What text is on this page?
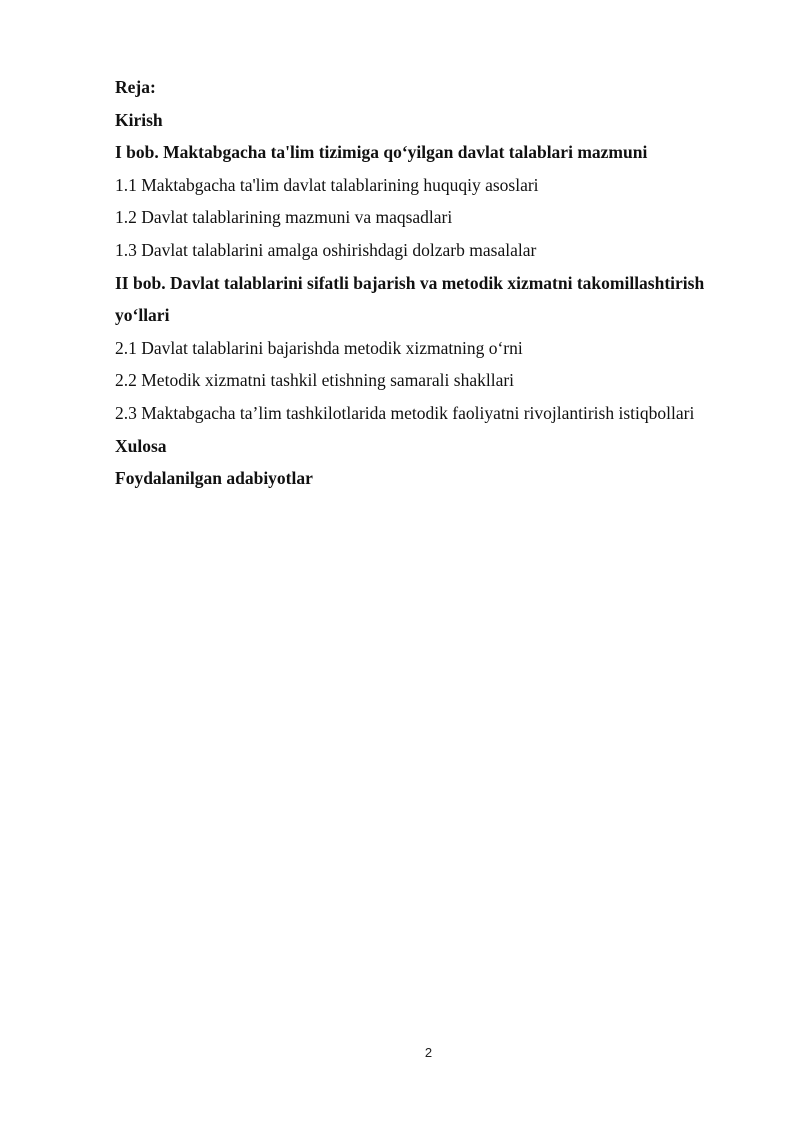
Reja:
Kirish
I bob. Maktabgacha ta'lim tizimiga qo‘yilgan davlat talablari mazmuni
1.1 Maktabgacha ta'lim davlat talablarining huquqiy asoslari
1.2 Davlat talablarining mazmuni va maqsadlari
1.3 Davlat talablarini amalga oshirishdagi dolzarb masalalar
II bob. Davlat talablarini sifatli bajarish va metodik xizmatni takomillashtirish
yo‘llari
2.1 Davlat talablarini bajarishda metodik xizmatning o‘rni
2.2 Metodik xizmatni tashkil etishning samarali shakllari
2.3 Maktabgacha ta’lim tashkilotlarida metodik faoliyatni rivojlantirish istiqbollari
Xulosa
Foydalanilgan adabiyotlar
2
